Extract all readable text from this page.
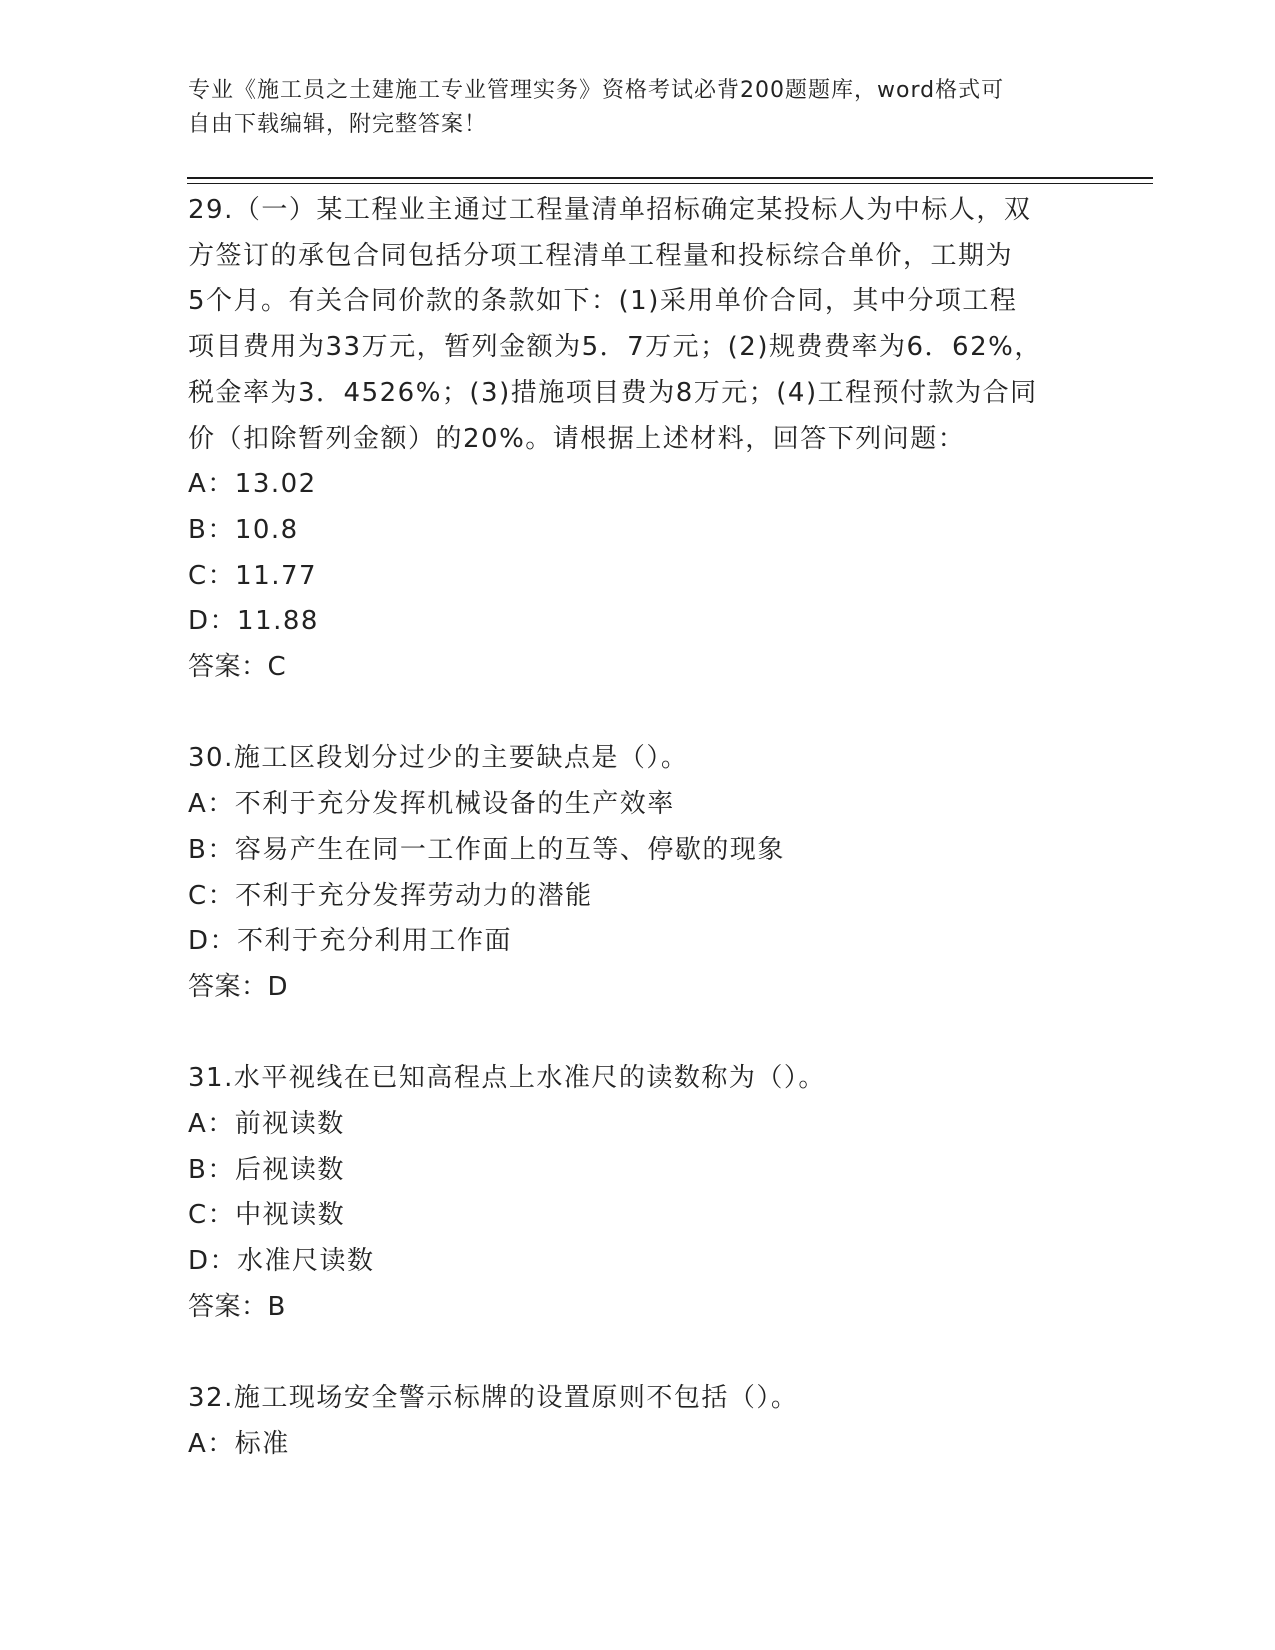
专业《施工员之土建施工专业管理实务》资格考试必背200题题库，word格式可
自由下载编辑，附完整答案！
29.（一）某工程业主通过工程量清单招标确定某投标人为中标人，双
方签订的承包合同包括分项工程清单工程量和投标综合单价，工期为
5个月。有关合同价款的条款如下：(1)采用单价合同，其中分项工程
项目费用为33万元，暂列金额为5．7万元；(2)规费费率为6．62%，
税金率为3．4526%；(3)措施项目费为8万元；(4)工程预付款为合同
价（扣除暂列金额）的20%。请根据上述材料，回答下列问题：
A：13.02
B：10.8
C：11.77
D：11.88
答案：C
30.施工区段划分过少的主要缺点是（）。
A：不利于充分发挥机械设备的生产效率
B：容易产生在同一工作面上的互等、停歇的现象
C：不利于充分发挥劳动力的潜能
D：不利于充分利用工作面
答案：D
31.水平视线在已知高程点上水准尺的读数称为（）。
A：前视读数
B：后视读数
C：中视读数
D：水准尺读数
答案：B
32.施工现场安全警示标牌的设置原则不包括（）。
A：标准
